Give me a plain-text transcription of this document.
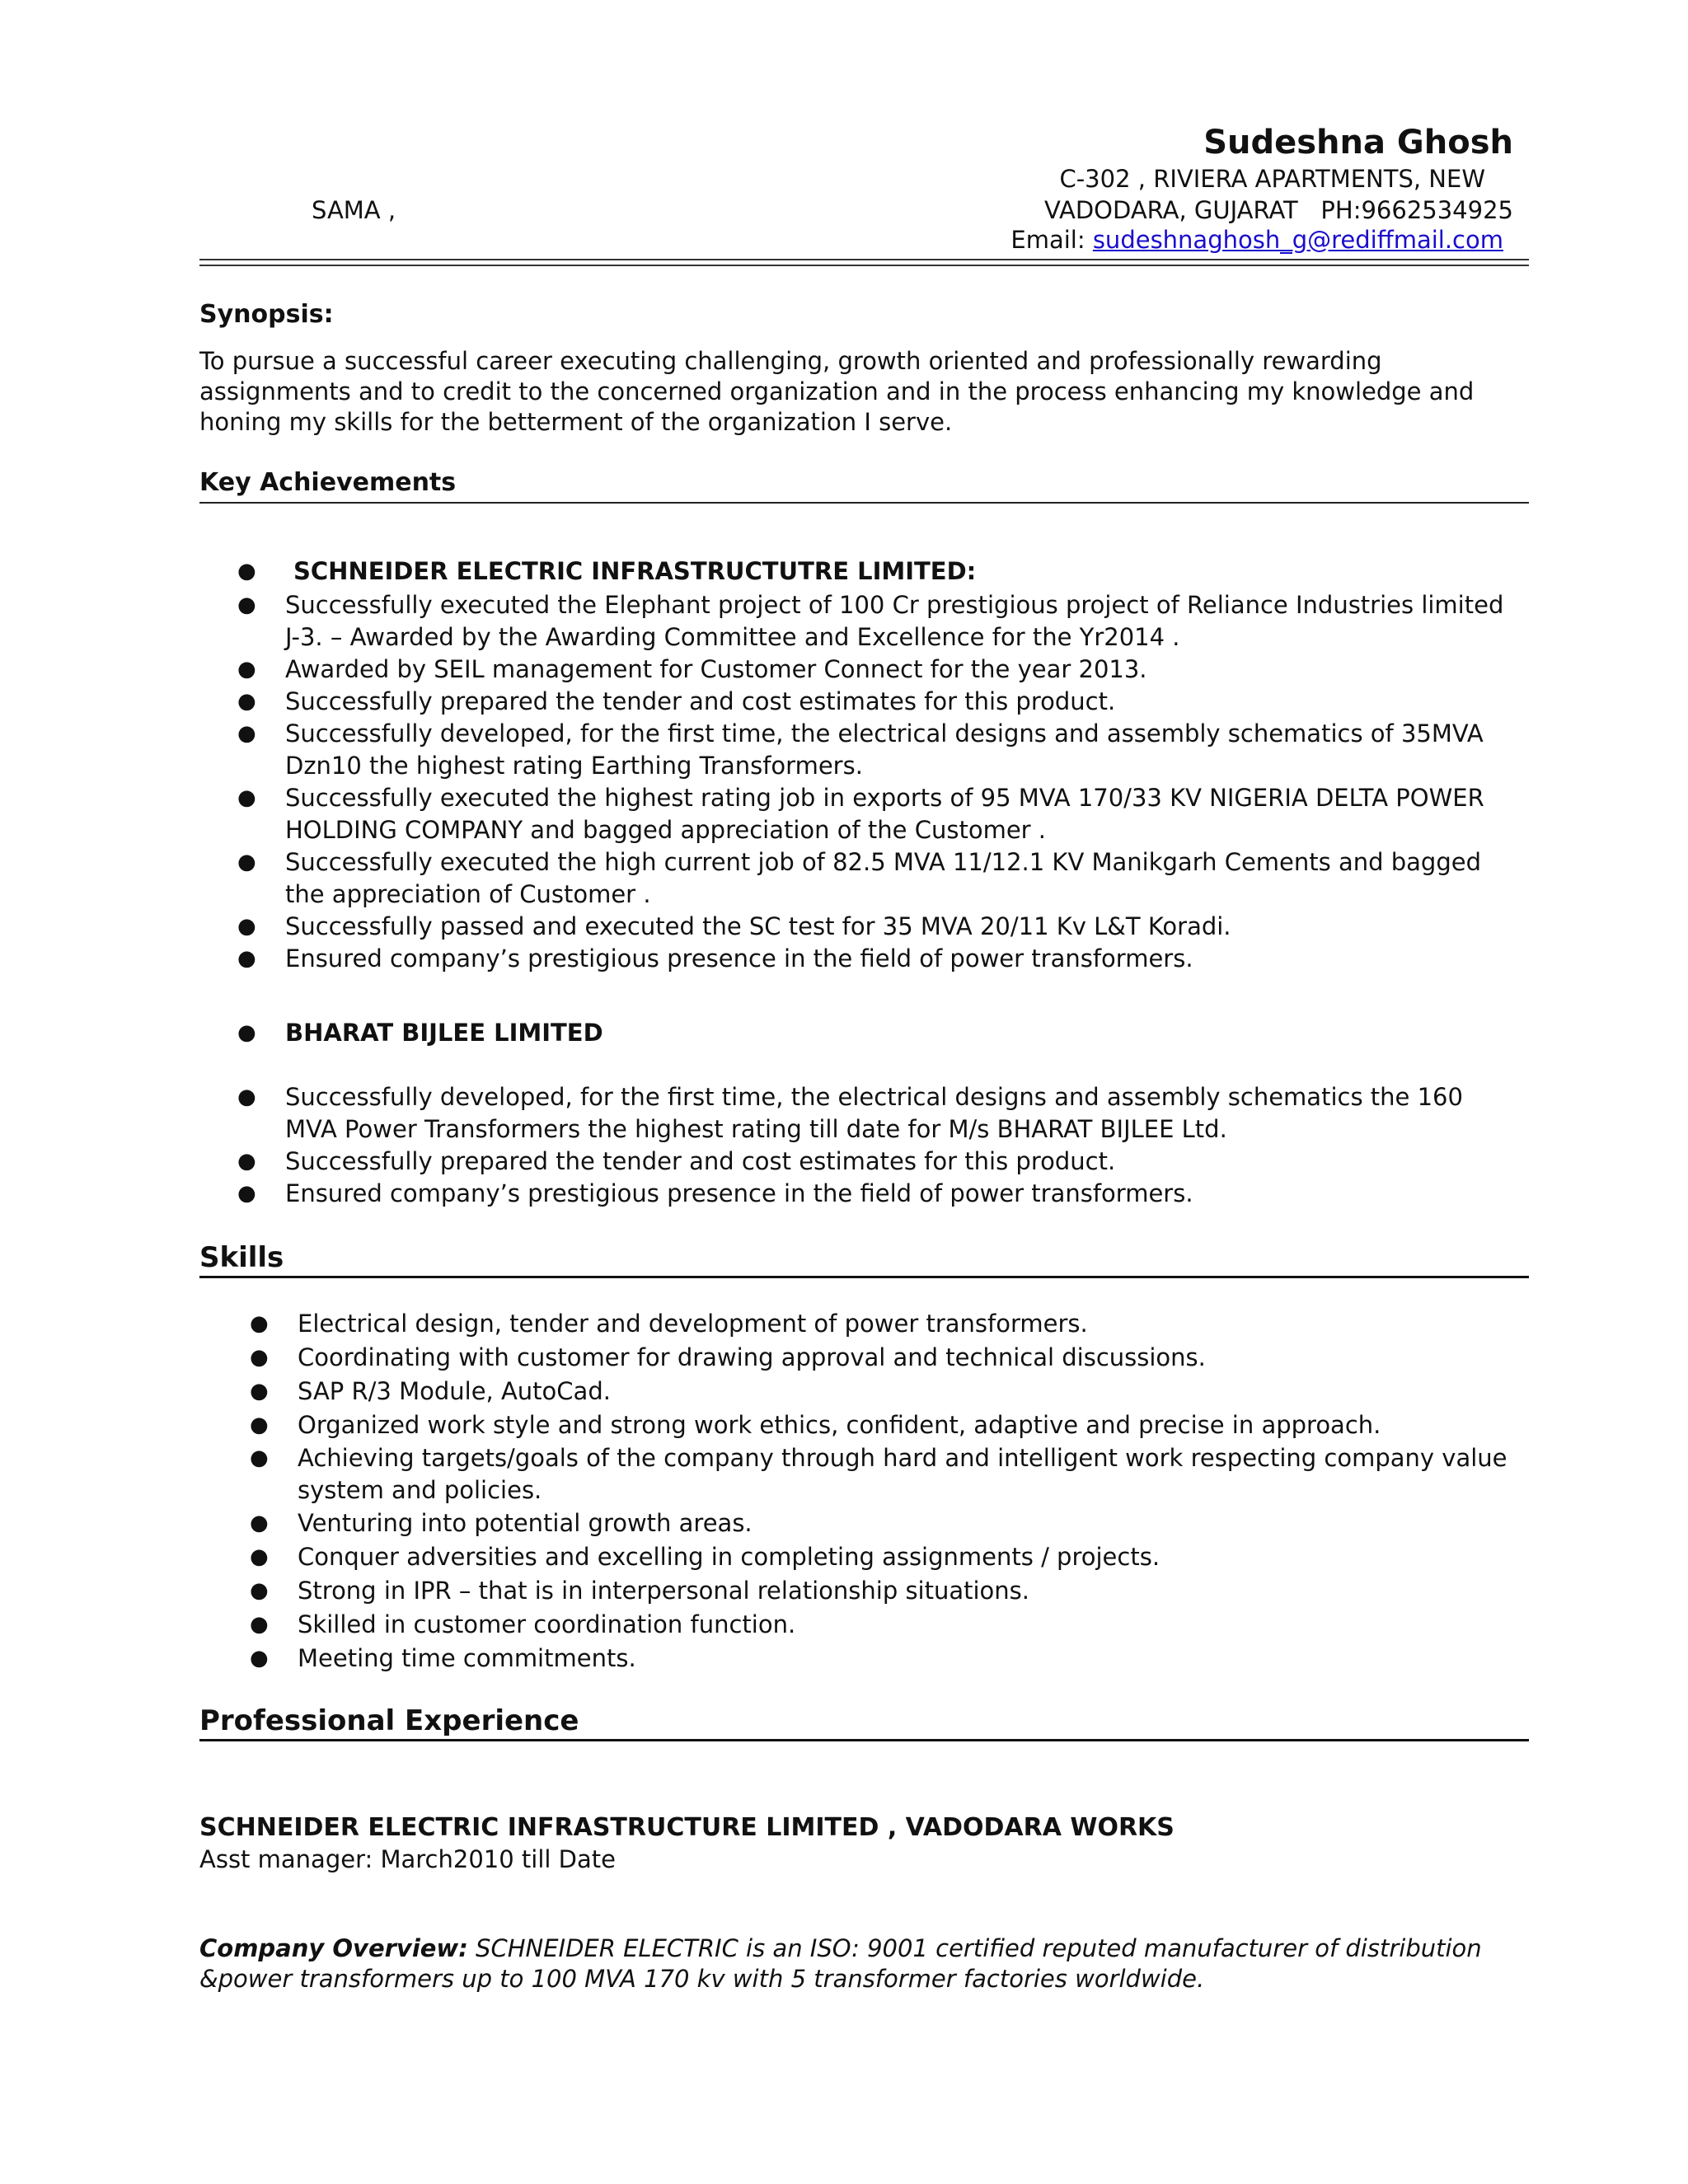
Sudeshna Ghosh
C-302 , RIVIERA APARTMENTS, NEW
SAMA ,	VADODARA, GUJARAT   PH:9662534925
Email: sudeshnaghosh_g@rediffmail.com
Synopsis:
To pursue a successful career executing challenging, growth oriented and professionally rewarding assignments and to credit to the concerned organization and in the process enhancing my knowledge and honing my skills for the betterment of the organization I serve.
Key Achievements
● SCHNEIDER ELECTRIC INFRASTRUCTUTRE LIMITED:
● Successfully executed the Elephant project of 100 Cr prestigious project of Reliance Industries limited J-3. – Awarded by the Awarding Committee and Excellence for the Yr2014 .
● Awarded by SEIL management for Customer Connect for the year 2013.
● Successfully prepared the tender and cost estimates for this product.
● Successfully developed, for the first time, the electrical designs and assembly schematics of 35MVA Dzn10 the highest rating Earthing Transformers.
● Successfully executed the highest rating job in exports of 95 MVA 170/33 KV NIGERIA DELTA POWER HOLDING COMPANY and bagged appreciation of the Customer .
● Successfully executed the high current job of 82.5 MVA 11/12.1 KV Manikgarh Cements and bagged the appreciation of Customer .
● Successfully passed and executed the SC test for 35 MVA 20/11 Kv L&T Koradi.
● Ensured company’s prestigious presence in the field of power transformers.
● BHARAT BIJLEE LIMITED
● Successfully developed, for the first time, the electrical designs and assembly schematics the 160 MVA Power Transformers the highest rating till date for M/s BHARAT BIJLEE Ltd.
● Successfully prepared the tender and cost estimates for this product.
● Ensured company’s prestigious presence in the field of power transformers.
Skills
● Electrical design, tender and development of power transformers.
● Coordinating with customer for drawing approval and technical discussions.
● SAP R/3 Module, AutoCad.
● Organized work style and strong work ethics, confident, adaptive and precise in approach.
● Achieving targets/goals of the company through hard and intelligent work respecting company value system and policies.
● Venturing into potential growth areas.
● Conquer adversities and excelling in completing assignments / projects.
● Strong in IPR – that is in interpersonal relationship situations.
● Skilled in customer coordination function.
● Meeting time commitments.
Professional Experience
SCHNEIDER ELECTRIC INFRASTRUCTURE LIMITED , VADODARA WORKS
Asst manager: March2010 till Date
Company Overview: SCHNEIDER ELECTRIC is an ISO: 9001 certified reputed manufacturer of distribution &power transformers up to 100 MVA 170 kv with 5 transformer factories worldwide.
